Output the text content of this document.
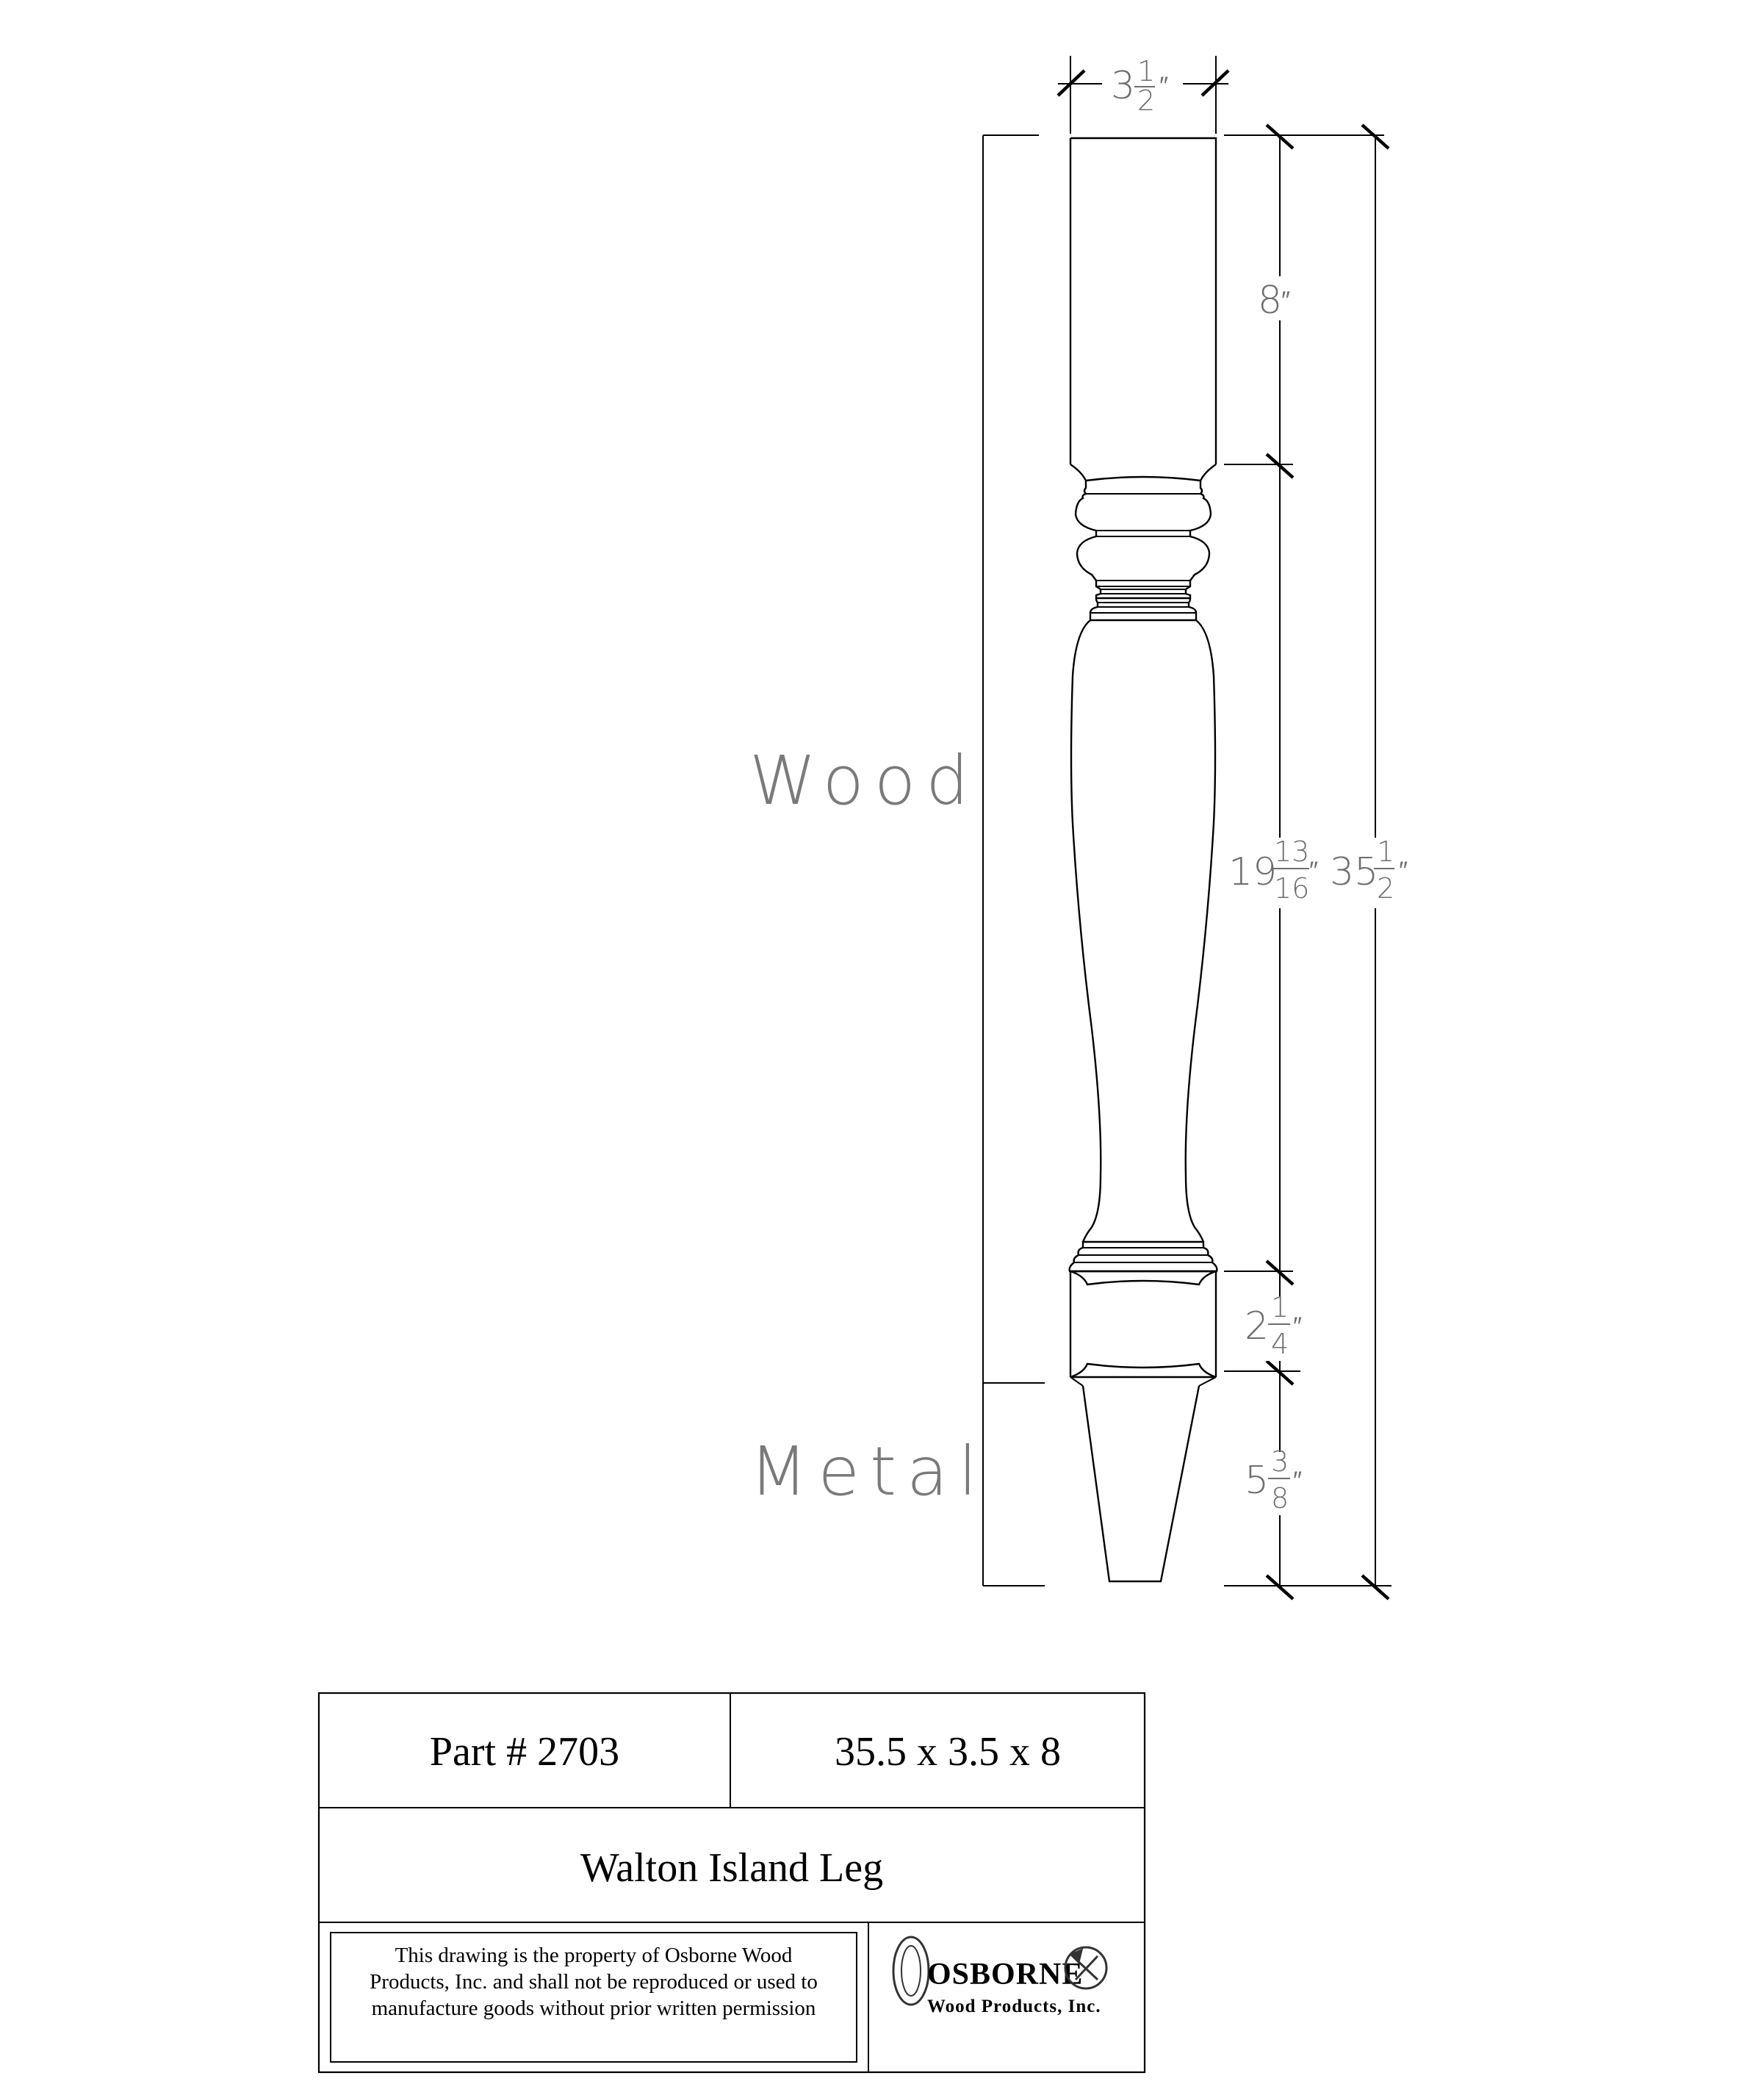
3 1
2 ″
8
″
19
13
16
″ 35
1
2
″
2 1
4
″
5 3
8
″
Wood
Metal
Part # 2703	35.5 x 3.5 x 8
Walton Island Leg
This drawing is the property of Osborne Wood
Products, Inc. and shall not be reproduced or used to
manufacture goods without prior written permission
OSBORNE
Wood Products, Inc.
